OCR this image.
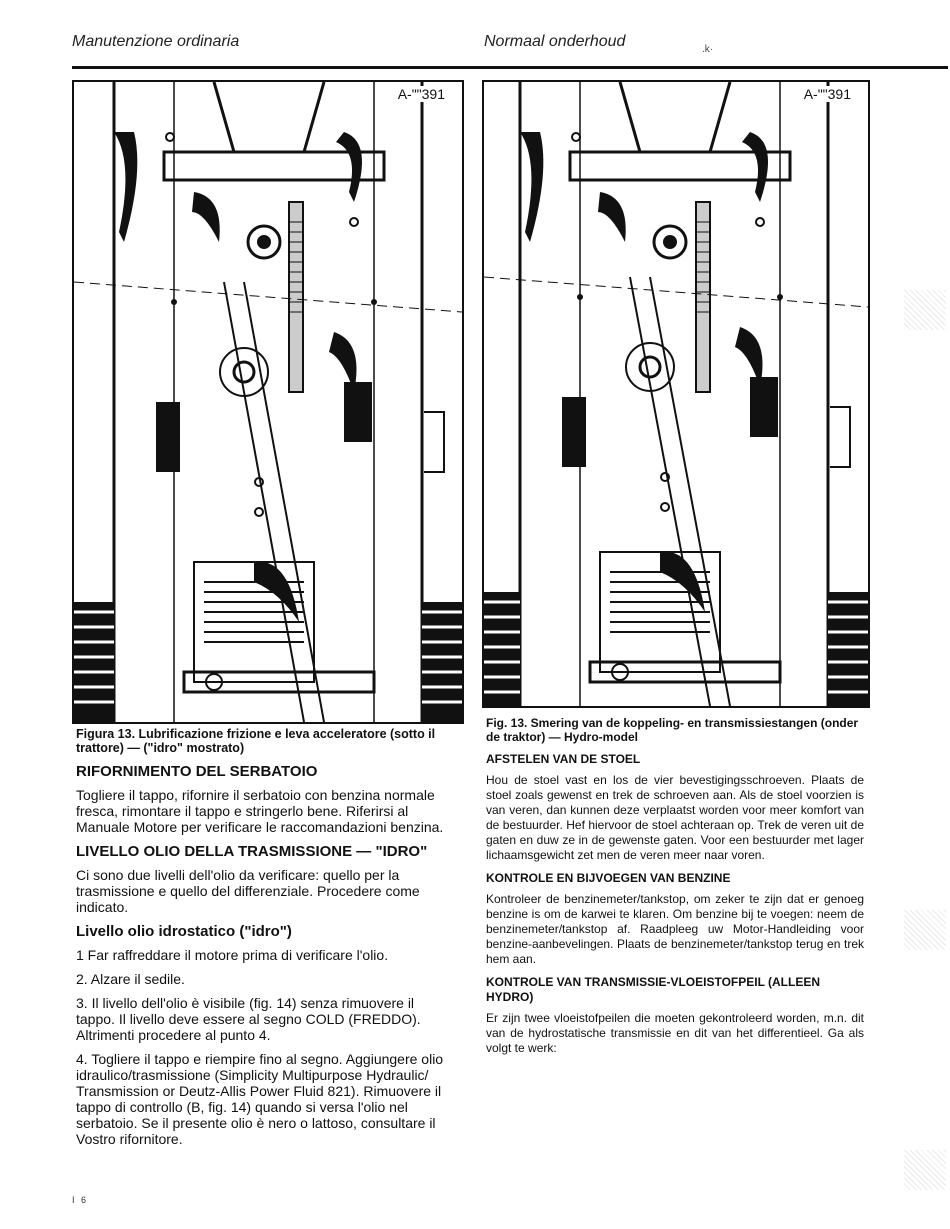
Manutenzione ordinaria	Normaal onderhoud	.k·
A-""391	A-""391

Figura 13. Lubrificazione frizione e leva acceleratore (sotto il trattore) — ("idro" mostrato)

RIFORNIMENTO DEL SERBATOIO

Togliere il tappo, rifornire il serbatoio con benzina normale fresca, rimontare il tappo e stringerlo bene. Riferirsi al Manuale Motore per verificare le raccomandazioni benzina.

LIVELLO OLIO DELLA TRASMISSIONE — "IDRO"

Ci sono due livelli dell'olio da verificare: quello per la trasmissione e quello del differenziale. Procedere come indicato.

Livello olio idrostatico ("idro")

1 Far raffreddare il motore prima di verificare l'olio.

2. Alzare il sedile.

3. Il livello dell'olio è visibile (fig. 14) senza rimuovere il tappo. Il livello deve essere al segno COLD (FREDDO). Altrimenti procedere al punto 4.

4. Togliere il tappo e riempire fino al segno. Aggiungere olio idraulico/trasmissione (Simplicity Multipurpose Hydraulic/ Transmission or Deutz-Allis Power Fluid 821). Rimuovere il tappo di controllo (B, fig. 14) quando si versa l'olio nel serbatoio. Se il presente olio è nero o lattoso, consultare il Vostro rifornitore.

Fig. 13. Smering van de koppeling- en transmissiestangen (onder de traktor) — Hydro-model

AFSTELEN VAN DE STOEL

Hou de stoel vast en los de vier bevestigingsschroeven. Plaats de stoel zoals gewenst en trek de schroeven aan. Als de stoel voorzien is van veren, dan kunnen deze verplaatst worden voor meer komfort van de bestuurder. Hef hiervoor de stoel achteraan op. Trek de veren uit de gaten en duw ze in de gewenste gaten. Voor een bestuurder met lager lichaamsgewicht zet men de veren meer naar voren.

KONTROLE EN BIJVOEGEN VAN BENZINE

Kontroleer de benzinemeter/tankstop, om zeker te zijn dat er genoeg benzine is om de karwei te klaren. Om benzine bij te voegen: neem de benzinemeter/tankstop af. Raadpleeg uw Motor-Handleiding voor benzine-aanbevelingen. Plaats de benzinemeter/tankstop terug en trek hem aan.

KONTROLE VAN TRANSMISSIE-VLOEISTOFPEIL (ALLEEN HYDRO)

Er zijn twee vloeistofpeilen die moeten gekontroleerd worden, m.n. dit van de hydrostatische transmissie en dit van het differentieel. Ga als volgt te werk:

I 6
